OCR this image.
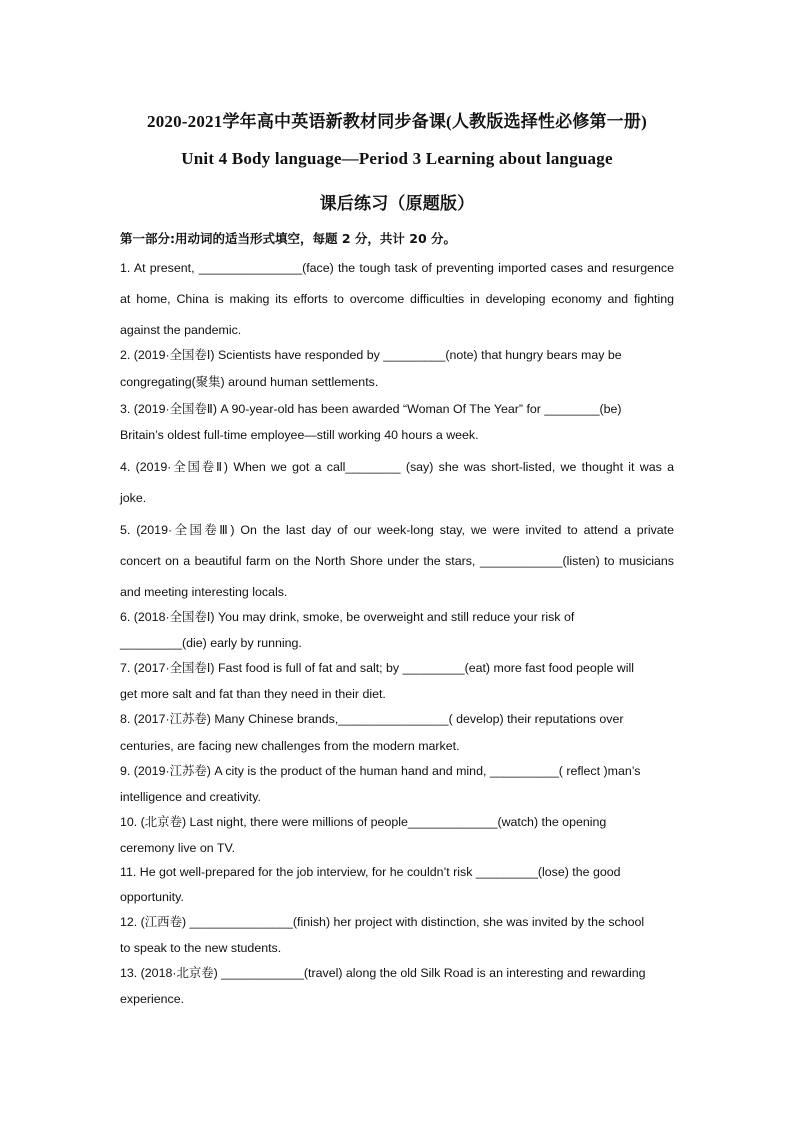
2020-2021学年高中英语新教材同步备课(人教版选择性必修第一册)
Unit 4 Body language—Period 3 Learning about language
课后练习（原题版）
第一部分:用动词的适当形式填空，每题 2 分，共计 20 分。
1. At present, _______________(face) the tough task of preventing imported cases and resurgence
at home, China is making its efforts to overcome difficulties in developing economy and fighting
against the pandemic.
2. (2019·全国卷Ⅰ) Scientists have responded by _________(note) that hungry bears may be
congregating(聚集) around human settlements.
3. (2019·全国卷Ⅱ) A 90-year-old has been awarded “Woman Of The Year” for ________(be)
Britain’s oldest full-time employee—still working 40 hours a week.
4. (2019·全国卷Ⅱ) When we got a call________ (say) she was short-listed, we thought it was a
joke.
5. (2019·全国卷Ⅲ) On the last day of our week-long stay, we were invited to attend a private
concert on a beautiful farm on the North Shore under the stars, ____________(listen) to musicians
and meeting interesting locals.
6. (2018·全国卷Ⅰ) You may drink, smoke, be overweight and still reduce your risk of
_________(die) early by running.
7. (2017·全国卷Ⅰ) Fast food is full of fat and salt; by _________(eat) more fast food people will
get more salt and fat than they need in their diet.
8. (2017·江苏卷) Many Chinese brands,________________( develop) their reputations over
centuries, are facing new challenges from the modern market.
9. (2019·江苏卷) A city is the product of the human hand and mind, __________( reflect )man’s
intelligence and creativity.
10. (北京卷) Last night, there were millions of people_____________(watch) the opening
ceremony live on TV.
11. He got well-prepared for the job interview, for he couldn’t risk _________(lose) the good
opportunity.
12. (江西卷) _______________(finish) her project with distinction, she was invited by the school
to speak to the new students.
13. (2018·北京卷) ____________(travel) along the old Silk Road is an interesting and rewarding
experience.
